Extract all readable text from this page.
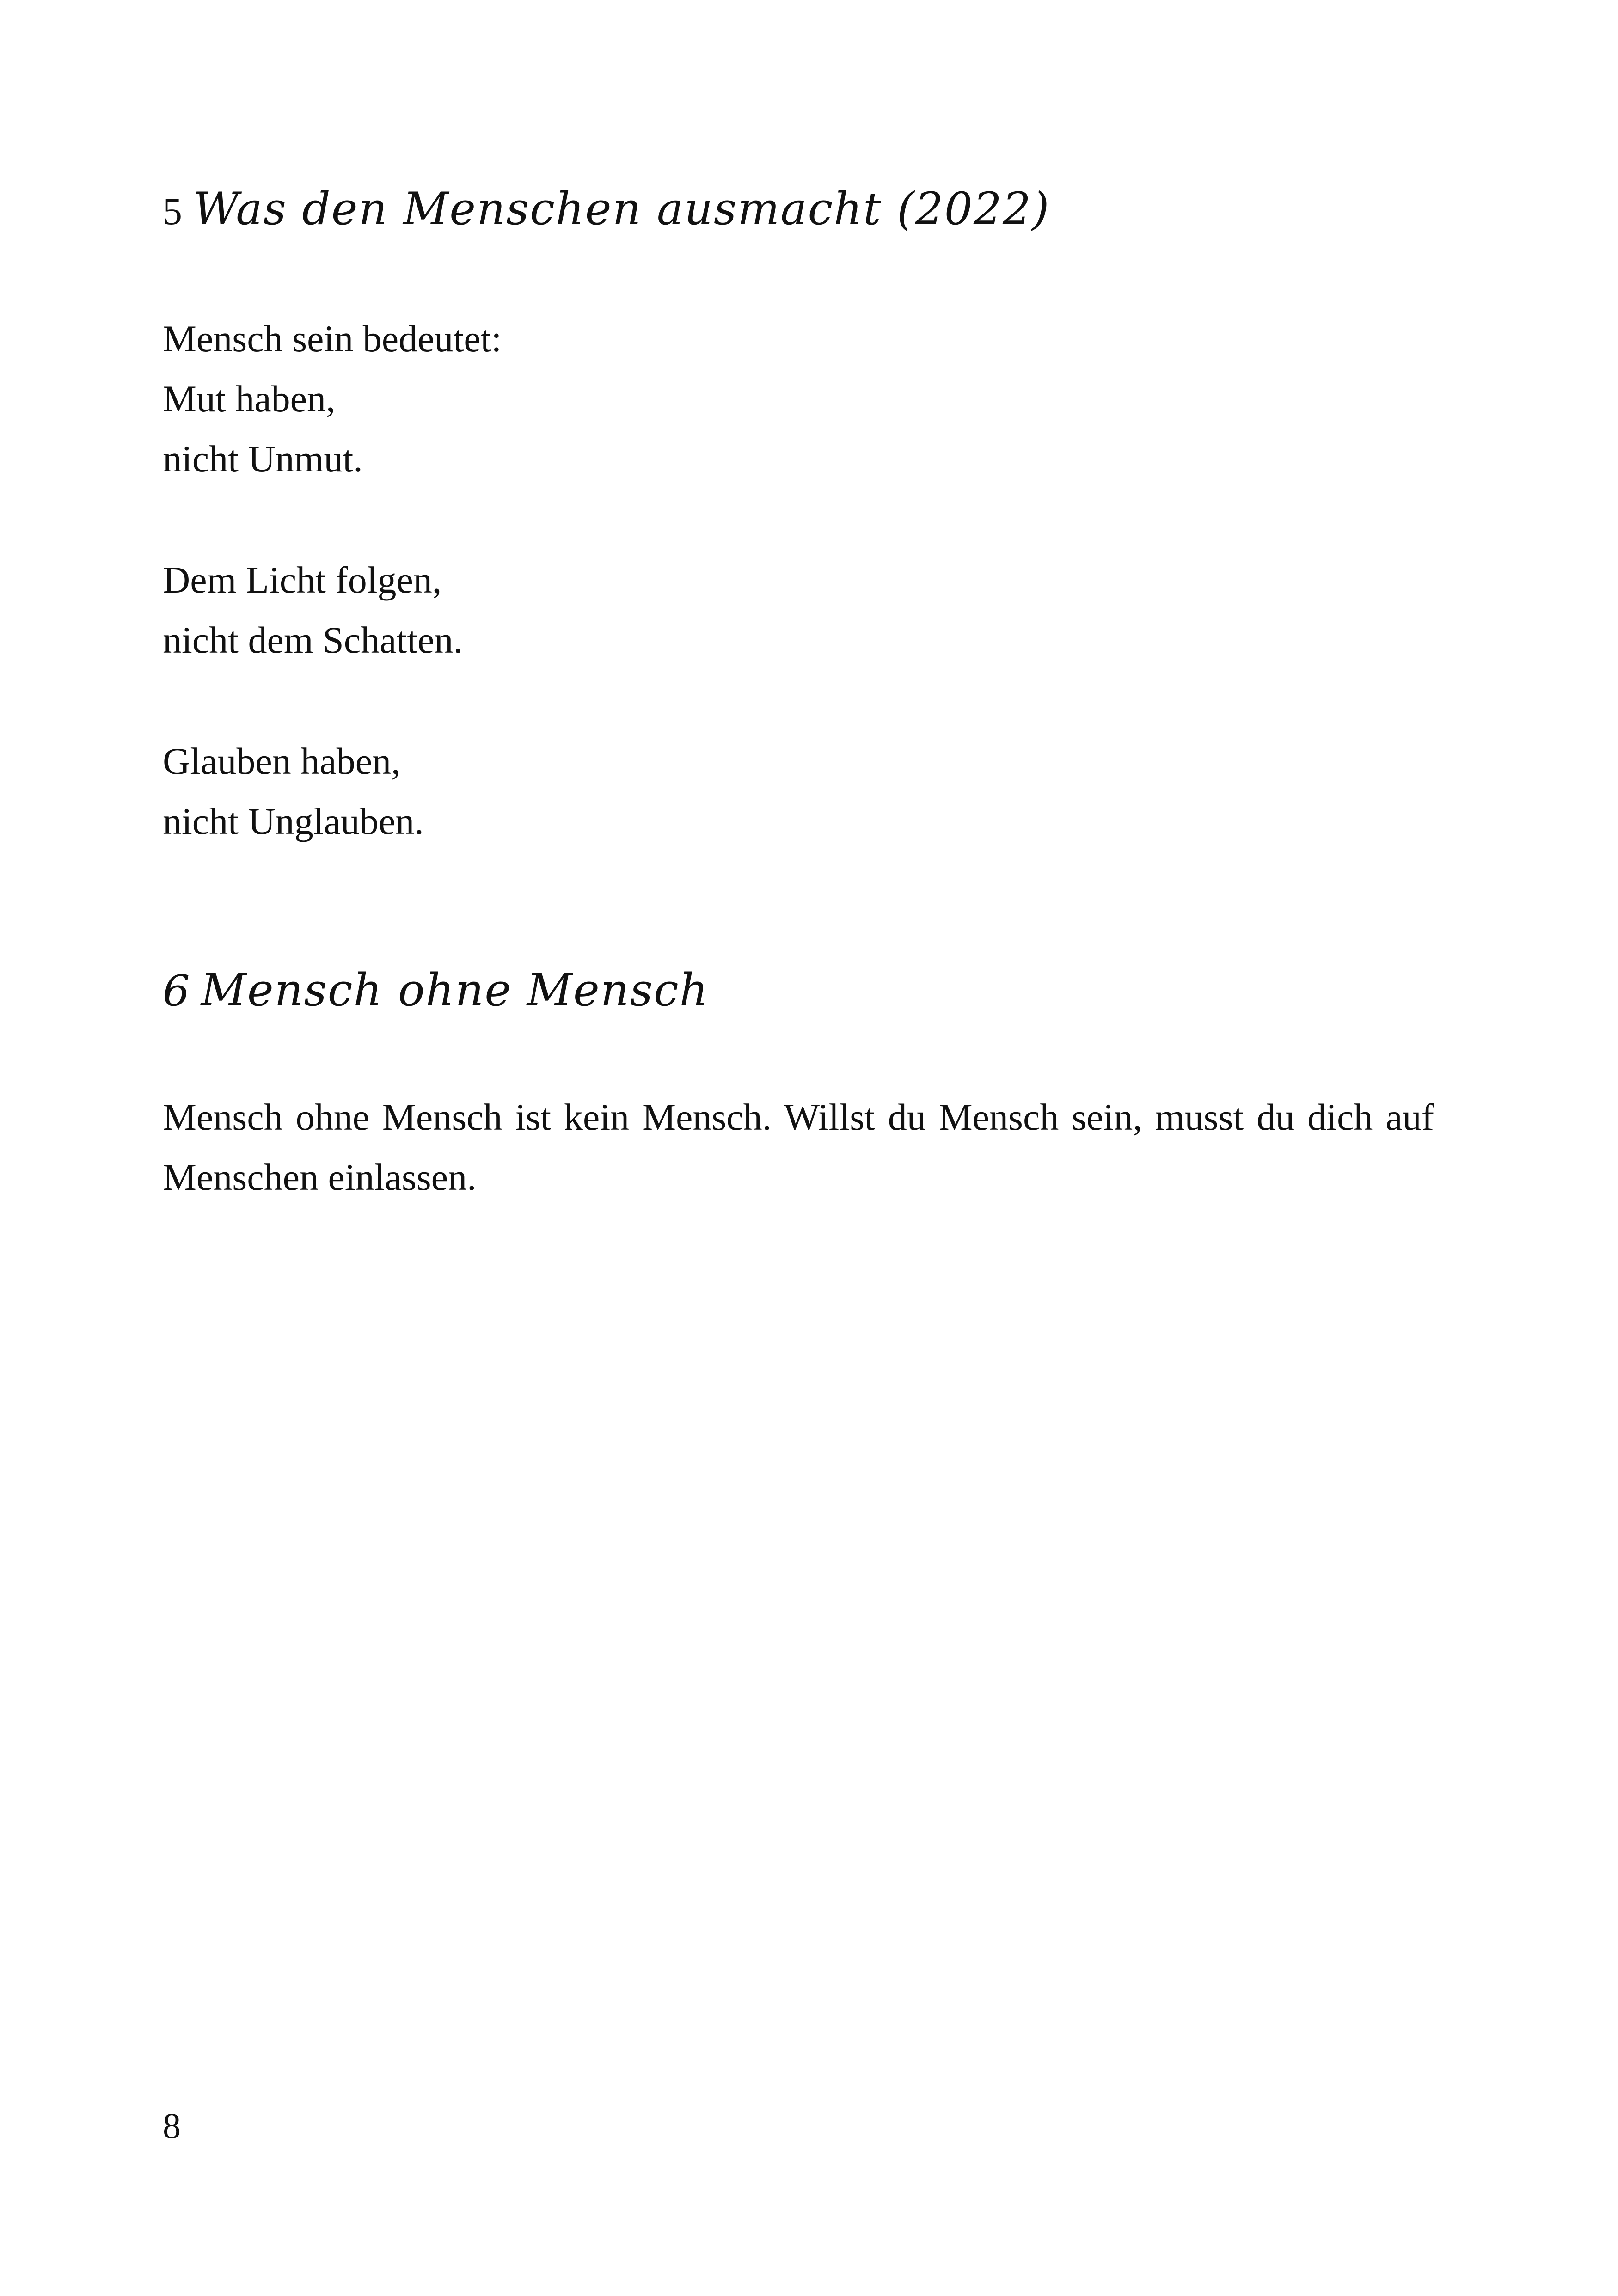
5 Was den Menschen ausmacht (2022)

Mensch sein bedeutet:
Mut haben,
nicht Unmut.

Dem Licht folgen,
nicht dem Schatten.

Glauben haben,
nicht Unglauben.

6 Mensch ohne Mensch

Mensch ohne Mensch ist kein Mensch. Willst du Mensch sein, musst du dich auf Menschen einlassen.

8
